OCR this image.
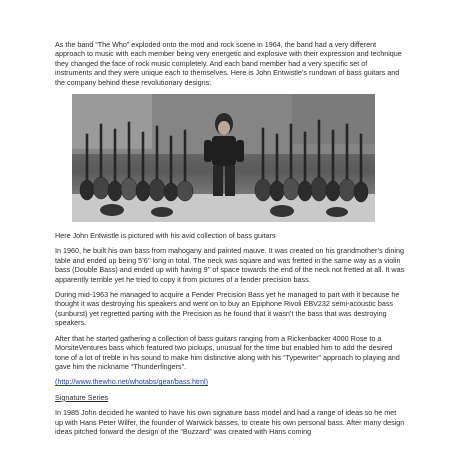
As the band “The Who” exploded onto the mod and rock scene in 1964, the band had a very different approach to music with each member being very energetic and explosive with their expression and technique they changed the face of rock music completely. And each band member had a very specific set of instruments and they were unique each to themselves. Here is John Entwistle’s rundown of bass guitars and the company behind these revolutionary designs:

Here John Entwistle is pictured with his avid collection of bass guitars

In 1960, he built his own bass from mahogany and painted mauve. It was created on his grandmother’s dining table and ended up being 5’6’’ long in total. The neck was square and was fretted in the same way as a violin bass (Double Bass) and ended up with having 9’’ of space towards the end of the neck not fretted at all. It was apparently terrible yet he tried to copy it from pictures of a fender precision bass.

During mid-1963 he managed to acquire a Fender Precision Bass yet he managed to part with it because he thought it was destroying his speakers and went on to buy an Epiphone Rivoli EBV232 semi-acoustic bass (sunburst) yet regretted parting with the Precision as he found that it wasn’t the bass that was destroying speakers.

After that he started gathering a collection of bass guitars ranging from a Rickenbacker 4000 Rose to a MorsiteVentures bass which featured two pickups, unusual for the time but enabled him to add the desired tone of a lot of treble in his sound to make him distinctive along with his “Typewriter” approach to playing and gave him the nickname “Thunderfingers”.

(http://www.thewho.net/whotabs/gear/bass.html)

Signature Series

In 1985 John decided he wanted to have his own signature bass model and had a range of ideas so he met up with Hans Peter Wilfer, the founder of Warwick basses, to create his own personal bass. After many design ideas pitched forward the design of the “Buzzard” was created with Hans coming
